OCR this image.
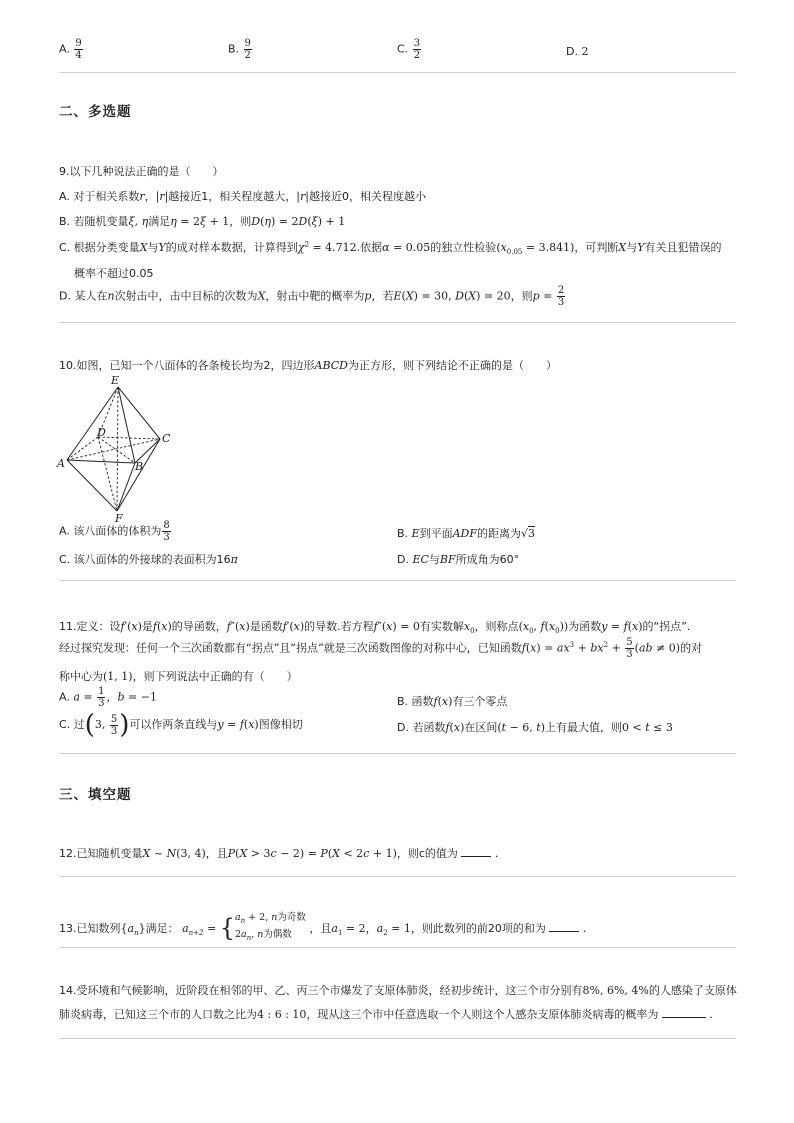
A. $\frac{9}{4}$	B. $\frac{9}{2}$	C. $\frac{3}{2}$	D. 2
二、多选题
9.以下几种说法正确的是（　　）
A. 对于相关系数r，|r|越接近1，相关程度越大，|r|越接近0，相关程度越小
B. 若随机变量ξ, η满足η = 2ξ + 1，则D(η) = 2D(ξ) + 1
C. 根据分类变量X与Y的成对样本数据，计算得到$\chi^2 = 4.712$.依据α = 0.05的独立性检验$(x_{0.05} = 3.841)$，可判断X与Y有关且犯错误的
概率不超过0.05
D. 某人在n次射击中，击中目标的次数为X，射击中靶的概率为p，若E(X) = 30, D(X) = 20，则$p = \frac{2}{3}$
10.如图，已知一个八面体的各条棱长均为2，四边形ABCD为正方形，则下列结论不正确的是（　　）
E
D	C
A	B
F
A. 该八面体的体积为 $\frac{8}{3}$	B. E到平面ADF的距离为√3
C. 该八面体的外接球的表面积为16π	D. EC与BF所成角为60°
11.定义：设f′(x)是f(x)的导函数，f″(x)是函数f′(x)的导数.若方程f″(x) = 0有实数解$x_0$，则称点($x_0$, $f(x_0)$)为函数y = f(x)的“拐点”.
经过探究发现：任何一个三次函数都有“拐点”且“拐点”就是三次函数图像的对称中心，已知函数$f(x) = ax^3 + bx^2 + \frac{5}{3} (ab \ne 0)$的对
称中心为(1, 1)，则下列说法中正确的有（　　）
A. $a = \frac{1}{3}$ ，b = −1	B. 函数f(x)有三个零点
C. 过(3, $\frac{5}{3}$ )可以作两条直线与y = f(x)图像相切	D. 若函数f(x)在区间(t − 6, t)上有最大值，则0 < t ≤ 3
三、填空题
12.已知随机变量X ~ N(3, 4)，且P(X > 3c − 2) = P(X < 2c + 1)，则c的值为	.
13.已知数列$\{a_n\}$满足： $a_{n+2}$ = { $a_n + 2$, n为奇数
$2a_n$, n为偶数	，且$a_1 = 2$，$a_2 = 1$，则此数列的前20项的和为	.
14.受环境和气候影响，近阶段在相邻的甲、乙、丙三个市爆发了支原体肺炎，经初步统计，这三个市分别有8%, 6%, 4%的人感染了支原体
肺炎病毒，已知这三个市的人口数之比为4 : 6 : 10，现从这三个市中任意选取一个人则这个人感杂支原体肺炎病毒的概率为	.
